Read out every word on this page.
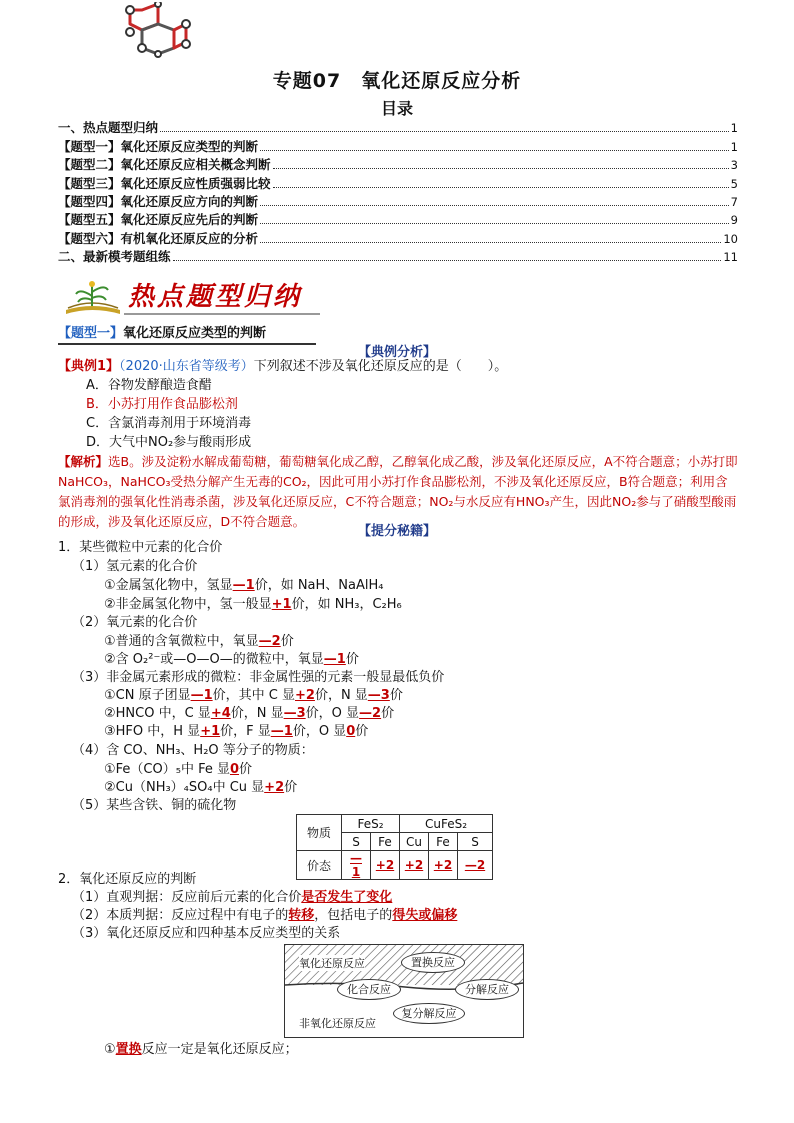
专题07　氧化还原反应分析
目录
一、热点题型归纳	1
【题型一】氧化还原反应类型的判断	1
【题型二】氧化还原反应相关概念判断	3
【题型三】氧化还原反应性质强弱比较	5
【题型四】氧化还原反应方向的判断	7
【题型五】氧化还原反应先后的判断	9
【题型六】有机氧化还原反应的分析	10
二、最新模考题组练	11
热点题型归纳
【题型一】氧化还原反应类型的判断
【典例分析】
【典例1】（2020·山东省等级考）下列叙述不涉及氧化还原反应的是（　　）。
A．谷物发酵酿造食醋
B．小苏打用作食品膨松剂
C．含氯消毒剂用于环境消毒
D．大气中NO₂参与酸雨形成
【解析】选B。涉及淀粉水解成葡萄糖，葡萄糖氧化成乙醇，乙醇氧化成乙酸，涉及氧化还原反应，A不符合题意；小苏打即NaHCO₃，NaHCO₃受热分解产生无毒的CO₂，因此可用小苏打作食品膨松剂，不涉及氧化还原反应，B符合题意；利用含氯消毒剂的强氧化性消毒杀菌，涉及氧化还原反应，C不符合题意；NO₂与水反应有HNO₃产生，因此NO₂参与了硝酸型酸雨的形成，涉及氧化还原反应，D不符合题意。
【提分秘籍】
1．某些微粒中元素的化合价
（1）氢元素的化合价
①金属氢化物中，氢显—1价，如 NaH、NaAlH₄
②非金属氢化物中，氢一般显+1价，如 NH₃，C₂H₆
（2）氧元素的化合价
①普通的含氧微粒中，氧显—2价
②含 O₂²⁻或—O—O—的微粒中，氧显—1价
（3）非金属元素形成的微粒：非金属性强的元素一般显最低负价
①CN 原子团显—1价，其中 C 显+2价，N 显—3价
②HNCO 中，C 显+4价，N 显—3价，O 显—2价
③HFO 中，H 显+1价，F 显—1价，O 显0价
（4）含 CO、NH₃、H₂O 等分子的物质：
①Fe（CO）₅中 Fe 显0价
②Cu（NH₃）₄SO₄中 Cu 显+2价
（5）某些含铁、铜的硫化物
物质	FeS₂		CuFeS₂		
	S	Fe	Cu	Fe	S
价态	—1	+2	+2	+2	—2
2．氧化还原反应的判断
（1）直观判据：反应前后元素的化合价是否发生了变化
（2）本质判据：反应过程中有电子的转移，包括电子的得失或偏移
（3）氧化还原反应和四种基本反应类型的关系
氧化还原反应	置换反应
化合反应	分解反应
复分解反应
非氧化还原反应
①置换反应一定是氧化还原反应；
